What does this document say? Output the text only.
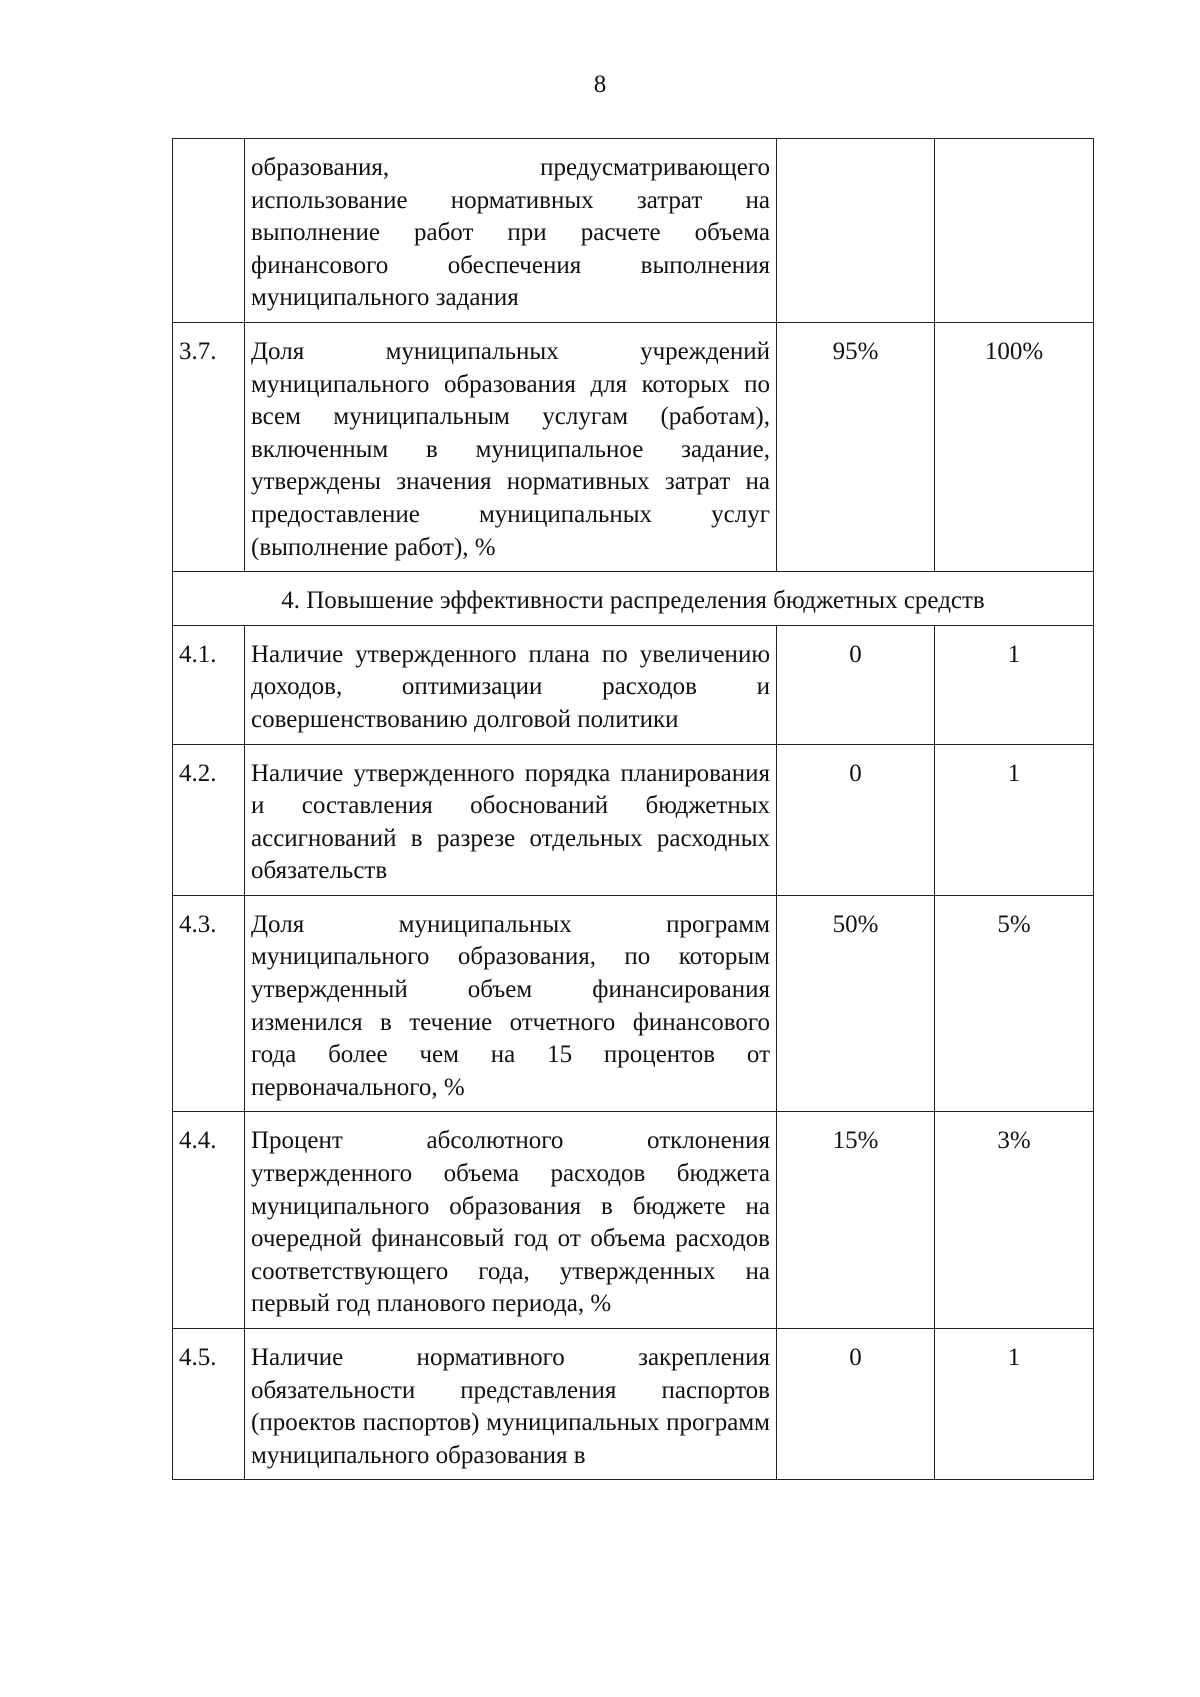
8
	образования, предусматривающего использование нормативных затрат на выполнение работ при расчете объема финансового обеспечения выполнения муниципального задания		
3.7.	Доля муниципальных учреждений муниципального образования для которых по всем муниципальным услугам (работам), включенным в муниципальное задание, утверждены значения нормативных затрат на предоставление муниципальных услуг (выполнение работ), %	95%	100%
4. Повышение эффективности распределения бюджетных средств			
4.1.	Наличие утвержденного плана по увеличению доходов, оптимизации расходов и совершенствованию долговой политики	0	1
4.2.	Наличие утвержденного порядка планирования и составления обоснований бюджетных ассигнований в разрезе отдельных расходных обязательств	0	1
4.3.	Доля муниципальных программ муниципального образования, по которым утвержденный объем финансирования изменился в течение отчетного финансового года более чем на 15 процентов от первоначального, %	50%	5%
4.4.	Процент абсолютного отклонения утвержденного объема расходов бюджета муниципального образования в бюджете на очередной финансовый год от объема расходов соответствующего года, утвержденных на первый год планового периода, %	15%	3%
4.5.	Наличие нормативного закрепления обязательности представления паспортов (проектов паспортов) муниципальных программ муниципального образования в	0	1
